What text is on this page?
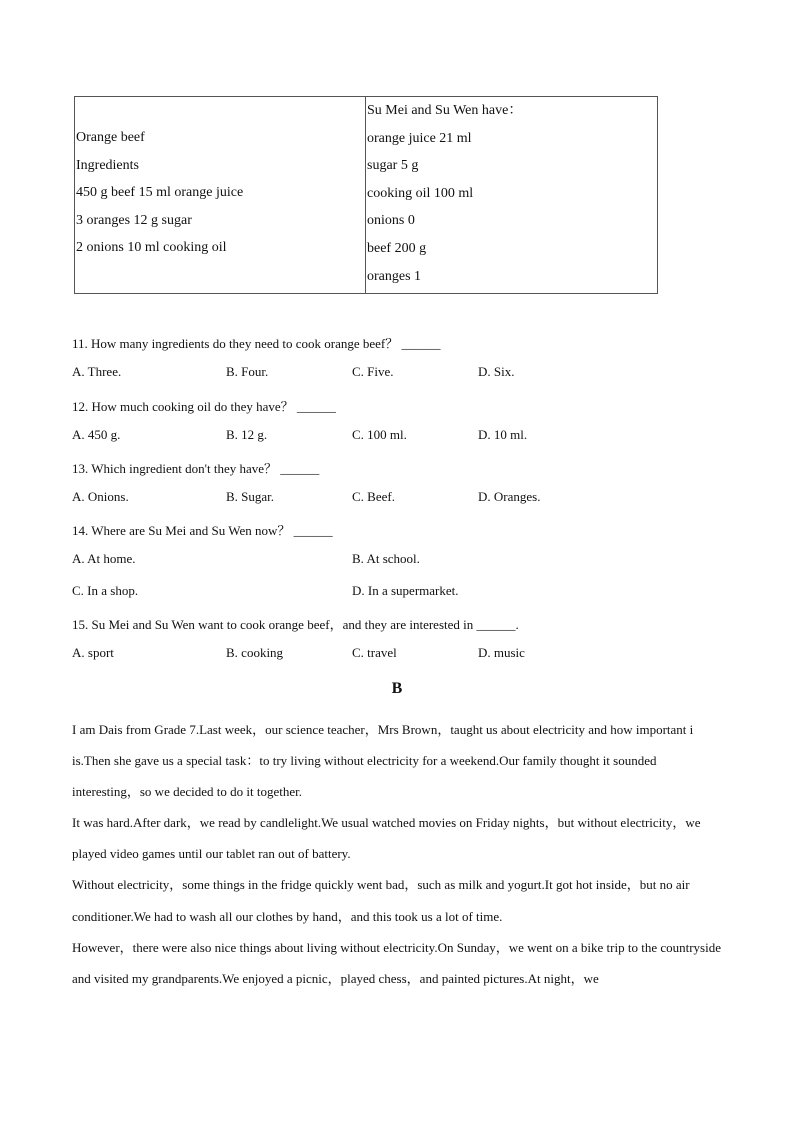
Orange beef
Ingredients
450 g beef 15 ml orange juice
3 oranges 12 g sugar
2 onions 10 ml cooking oil

Su Mei and Su Wen have：
orange juice 21 ml
sugar 5 g
cooking oil 100 ml
onions 0
beef 200 g
oranges 1
11. How many ingredients do they need to cook orange beef？ ______
A. Three.	B. Four.	C. Five.	D. Six.
12. How much cooking oil do they have？ ______
A. 450 g.	B. 12 g.	C. 100 ml.	D. 10 ml.
13. Which ingredient don't they have？ ______
A. Onions.	B. Sugar.	C. Beef.	D. Oranges.
14. Where are Su Mei and Su Wen now？ ______
A. At home.	B. At school.
C. In a shop.	D. In a supermarket.
15. Su Mei and Su Wen want to cook orange beef，and they are interested in ______.
A. sport	B. cooking	C. travel	D. music
B

I am Dais from Grade 7.Last week，our science teacher，Mrs Brown，taught us about electricity and how important i is.Then she gave us a special task：to try living without electricity for a weekend.Our family thought it sounded interesting，so we decided to do it together.

It was hard.After dark，we read by candlelight.We usual watched movies on Friday nights，but without electricity，we played video games until our tablet ran out of battery.

Without electricity，some things in the fridge quickly went bad，such as milk and yogurt.It got hot inside，but no air conditioner.We had to wash all our clothes by hand，and this took us a lot of time.

However，there were also nice things about living without electricity.On Sunday，we went on a bike trip to the countryside and visited my grandparents.We enjoyed a picnic，played chess，and painted pictures.At night，we
